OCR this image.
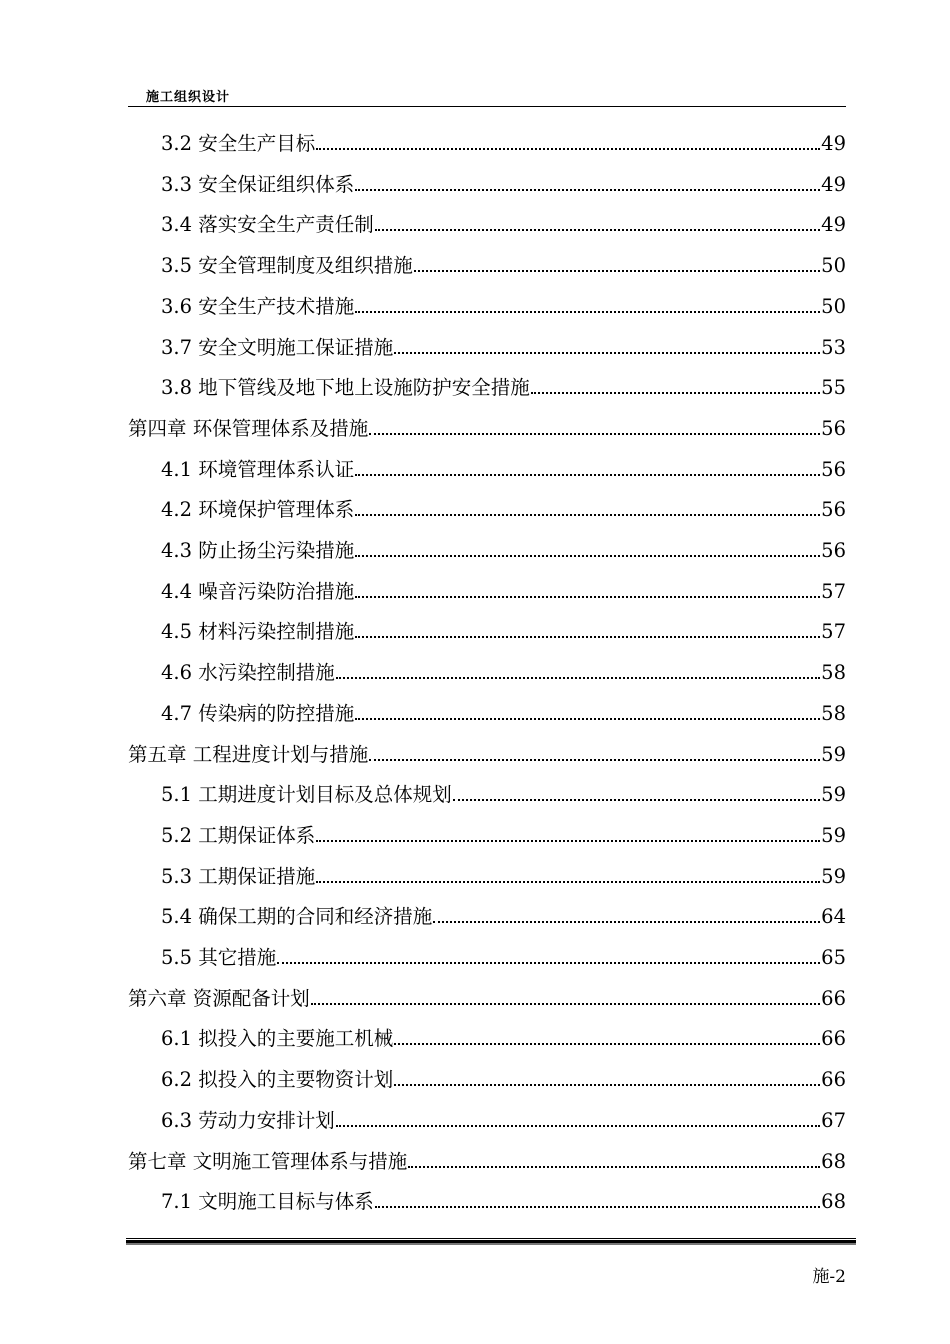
施工组织设计
3.2 安全生产目标	49
3.3 安全保证组织体系	49
3.4 落实安全生产责任制	49
3.5 安全管理制度及组织措施	50
3.6 安全生产技术措施	50
3.7 安全文明施工保证措施	53
3.8 地下管线及地下地上设施防护安全措施	55
第四章 环保管理体系及措施	56
4.1 环境管理体系认证	56
4.2 环境保护管理体系	56
4.3 防止扬尘污染措施	56
4.4 噪音污染防治措施	57
4.5 材料污染控制措施	57
4.6 水污染控制措施	58
4.7 传染病的防控措施	58
第五章 工程进度计划与措施	59
5.1 工期进度计划目标及总体规划	59
5.2 工期保证体系	59
5.3 工期保证措施	59
5.4 确保工期的合同和经济措施	64
5.5 其它措施	65
第六章 资源配备计划	66
6.1 拟投入的主要施工机械	66
6.2 拟投入的主要物资计划	66
6.3 劳动力安排计划	67
第七章 文明施工管理体系与措施	68
7.1 文明施工目标与体系	68
施-2
